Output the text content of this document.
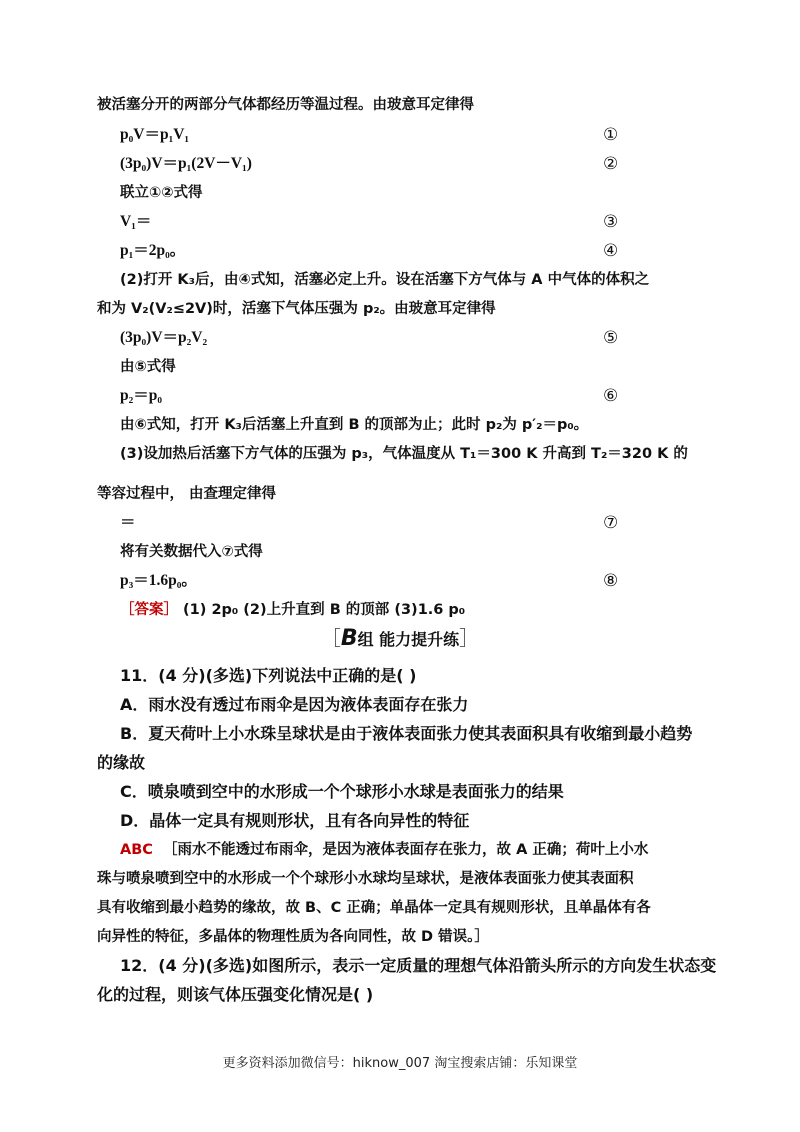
被活塞分开的两部分气体都经历等温过程。由玻意耳定律得
p₀V＝p₁V₁	①
(3p₀)V＝p₁(2V－V₁)	②
联立①②式得
V₁＝	③
p₁＝2p₀。	④
(2)打开 K₃后，由④式知，活塞必定上升。设在活塞下方气体与 A 中气体的体积之
和为 V₂(V₂≤2V)时，活塞下气体压强为 p₂。由玻意耳定律得
(3p₀)V＝p₂V₂	⑤
由⑤式得
p₂＝p₀	⑥
由⑥式知，打开 K₃后活塞上升直到 B 的顶部为止；此时 p₂为 p′₂＝p₀。
(3)设加热后活塞下方气体的压强为 p₃，气体温度从 T₁＝300 K 升高到 T₂＝320 K 的
等容过程中， 由查理定律得
＝	⑦
将有关数据代入⑦式得
p₃＝1.6p₀。	⑧
［答案］ (1) 2p₀ (2)上升直到 B 的顶部 (3)1.6 p₀
［B组 能力提升练］
11．(4 分)(多选)下列说法中正确的是( )
A．雨水没有透过布雨伞是因为液体表面存在张力
B．夏天荷叶上小水珠呈球状是由于液体表面张力使其表面积具有收缩到最小趋势
的缘故
C．喷泉喷到空中的水形成一个个球形小水球是表面张力的结果
D．晶体一定具有规则形状，且有各向异性的特征
ABC ［雨水不能透过布雨伞，是因为液体表面存在张力，故 A 正确；荷叶上小水
珠与喷泉喷到空中的水形成一个个球形小水球均呈球状，是液体表面张力使其表面积
具有收缩到最小趋势的缘故，故 B、C 正确；单晶体一定具有规则形状，且单晶体有各
向异性的特征，多晶体的物理性质为各向同性，故 D 错误。］
12．(4 分)(多选)如图所示，表示一定质量的理想气体沿箭头所示的方向发生状态变
化的过程，则该气体压强变化情况是( )
更多资料添加微信号：hiknow_007 淘宝搜索店铺：乐知课堂
